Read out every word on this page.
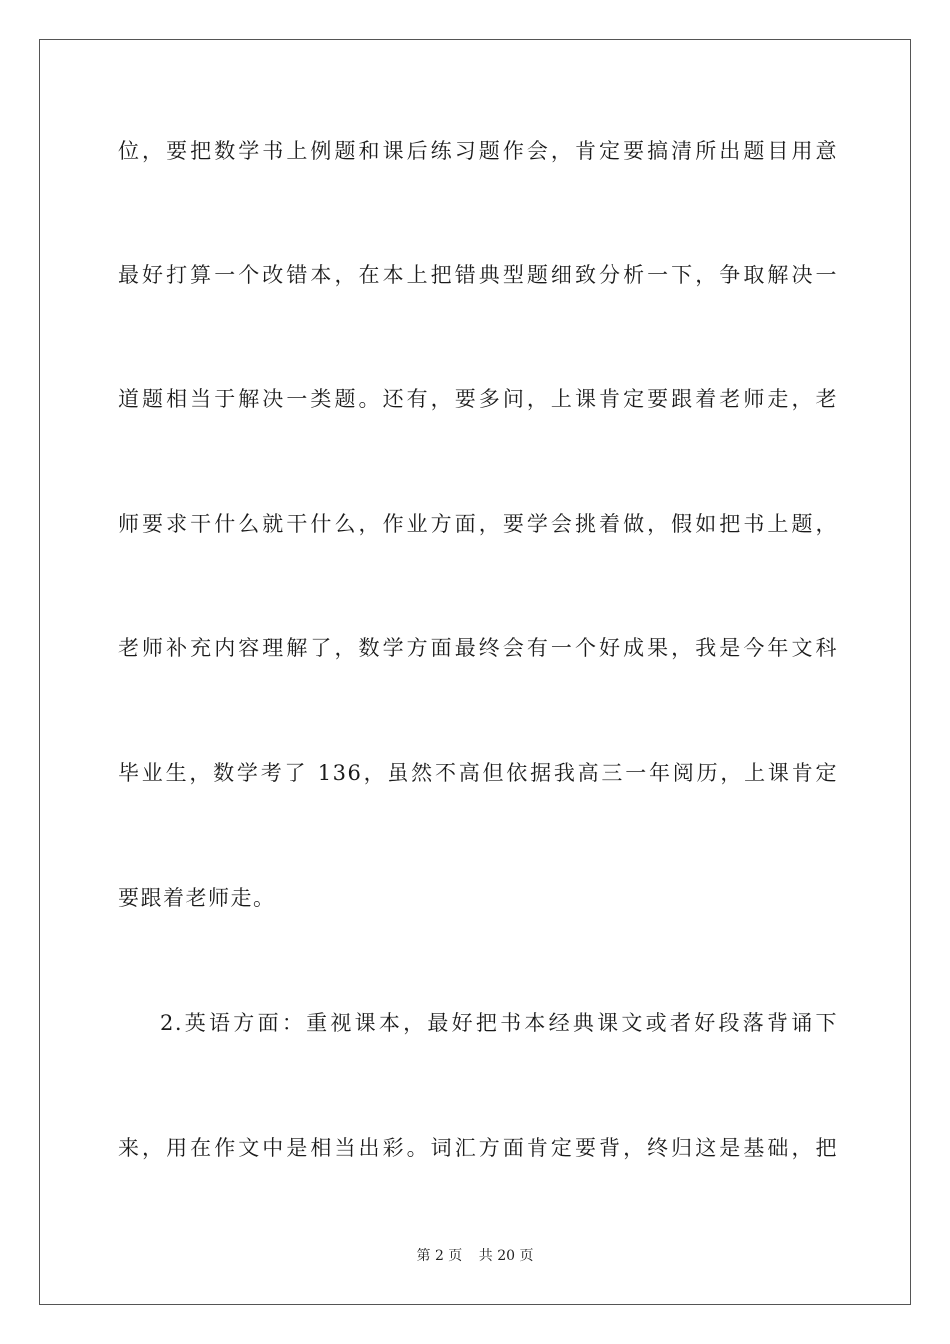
位，要把数学书上例题和课后练习题作会，肯定要搞清所出题目用意
最好打算一个改错本，在本上把错典型题细致分析一下，争取解决一
道题相当于解决一类题。还有，要多问，上课肯定要跟着老师走，老
师要求干什么就干什么，作业方面，要学会挑着做，假如把书上题，
老师补充内容理解了，数学方面最终会有一个好成果，我是今年文科
毕业生，数学考了 136，虽然不高但依据我高三一年阅历，上课肯定
要跟着老师走。
2.英语方面：重视课本，最好把书本经典课文或者好段落背诵下
来，用在作文中是相当出彩。词汇方面肯定要背，终归这是基础，把
第 2 页 共 20 页
